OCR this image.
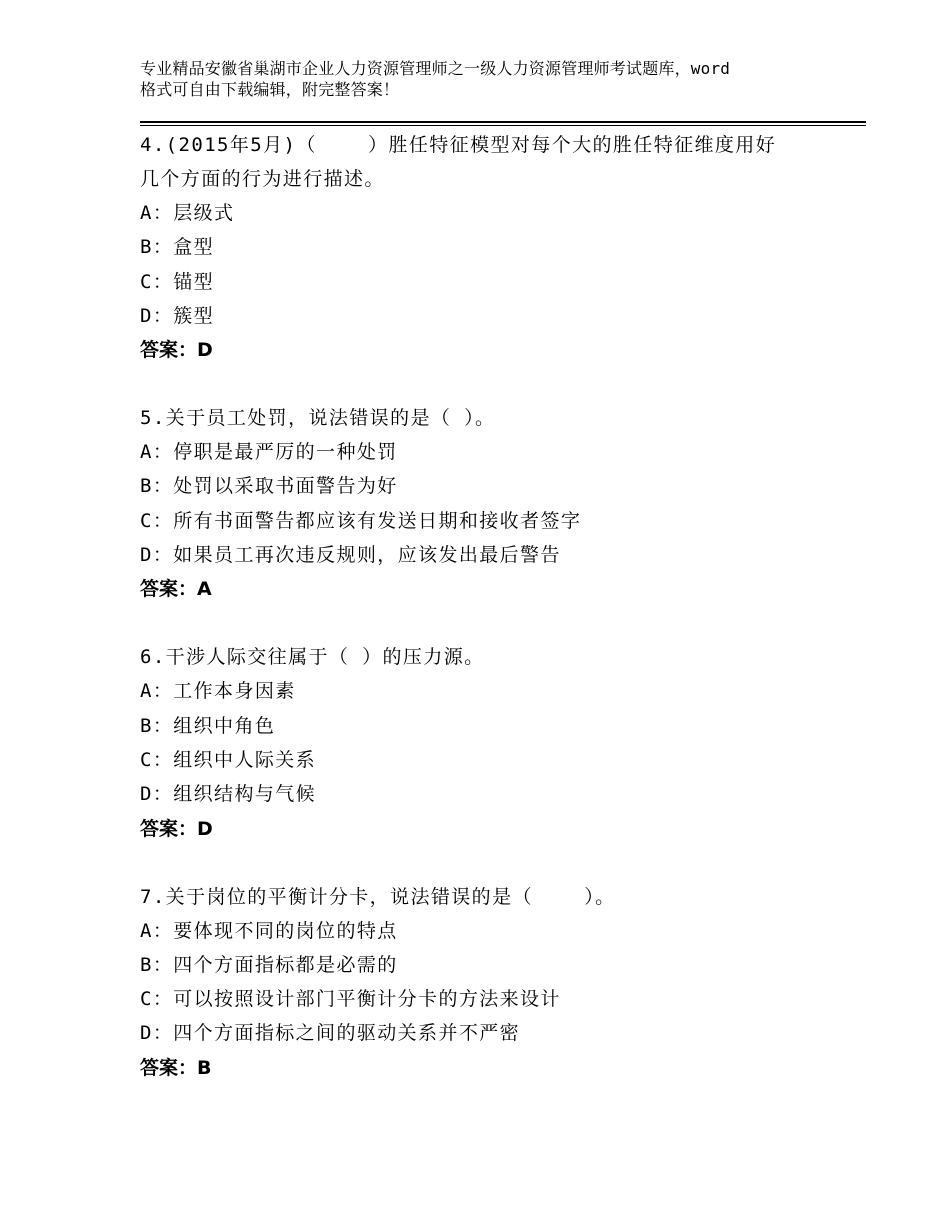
专业精品安徽省巢湖市企业人力资源管理师之一级人力资源管理师考试题库，word
格式可自由下载编辑，附完整答案！
4.(2015年5月)（    ）胜任特征模型对每个大的胜任特征维度用好
几个方面的行为进行描述。
A：层级式
B：盒型
C：锚型
D：簇型
答案：D
5.关于员工处罚，说法错误的是（ ）。
A：停职是最严厉的一种处罚
B：处罚以采取书面警告为好
C：所有书面警告都应该有发送日期和接收者签字
D：如果员工再次违反规则，应该发出最后警告
答案：A
6.干涉人际交往属于（ ）的压力源。
A：工作本身因素
B：组织中角色
C：组织中人际关系
D：组织结构与气候
答案：D
7.关于岗位的平衡计分卡，说法错误的是（    ）。
A：要体现不同的岗位的特点
B：四个方面指标都是必需的
C：可以按照设计部门平衡计分卡的方法来设计
D：四个方面指标之间的驱动关系并不严密
答案：B
